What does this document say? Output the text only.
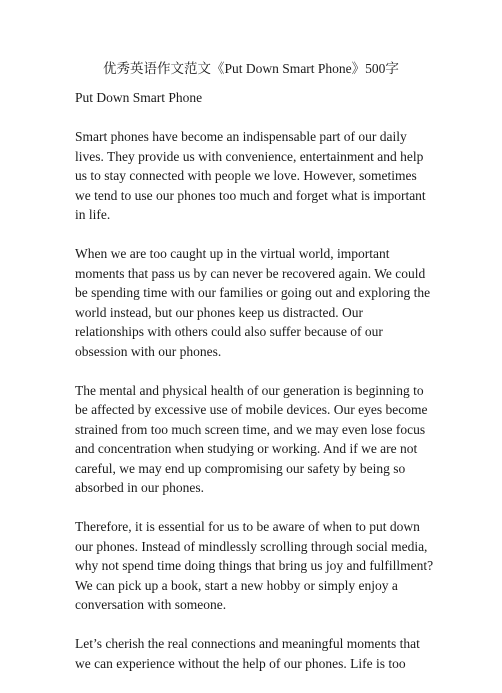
优秀英语作文范文《Put Down Smart Phone》500字

Put Down Smart Phone

Smart phones have become an indispensable part of our daily lives. They provide us with convenience, entertainment and help us to stay connected with people we love. However, sometimes we tend to use our phones too much and forget what is important in life.

When we are too caught up in the virtual world, important moments that pass us by can never be recovered again. We could be spending time with our families or going out and exploring the world instead, but our phones keep us distracted. Our relationships with others could also suffer because of our obsession with our phones.

The mental and physical health of our generation is beginning to be affected by excessive use of mobile devices. Our eyes become strained from too much screen time, and we may even lose focus and concentration when studying or working. And if we are not careful, we may end up compromising our safety by being so absorbed in our phones.

Therefore, it is essential for us to be aware of when to put down our phones. Instead of mindlessly scrolling through social media, why not spend time doing things that bring us joy and fulfillment? We can pick up a book, start a new hobby or simply enjoy a conversation with someone.

Let’s cherish the real connections and meaningful moments that we can experience without the help of our phones. Life is too
